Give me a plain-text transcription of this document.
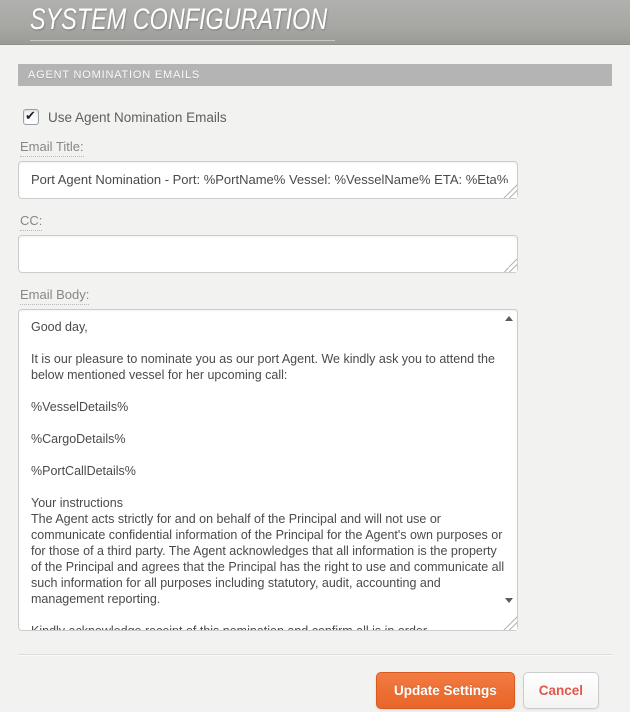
SYSTEM CONFIGURATION
AGENT NOMINATION EMAILS
Use Agent Nomination Emails
Email Title:
Port Agent Nomination - Port: %PortName% Vessel: %VesselName% ETA: %Eta%
CC:
Email Body:
Good day, It is our pleasure to nominate you as our port Agent. We kindly ask you to attend the below mentioned vessel for her upcoming call: %VesselDetails% %CargoDetails% %PortCallDetails% Your instructions The Agent acts strictly for and on behalf of the Principal and will not use or communicate confidential information of the Principal for the Agent's own purposes or for those of a third party. The Agent acknowledges that all information is the property of the Principal and agrees that the Principal has the right to use and communicate all such information for all purposes including statutory, audit, accounting and management reporting. Kindly acknowledge receipt of this nomination and confirm all is in order.
Update Settings	Cancel
